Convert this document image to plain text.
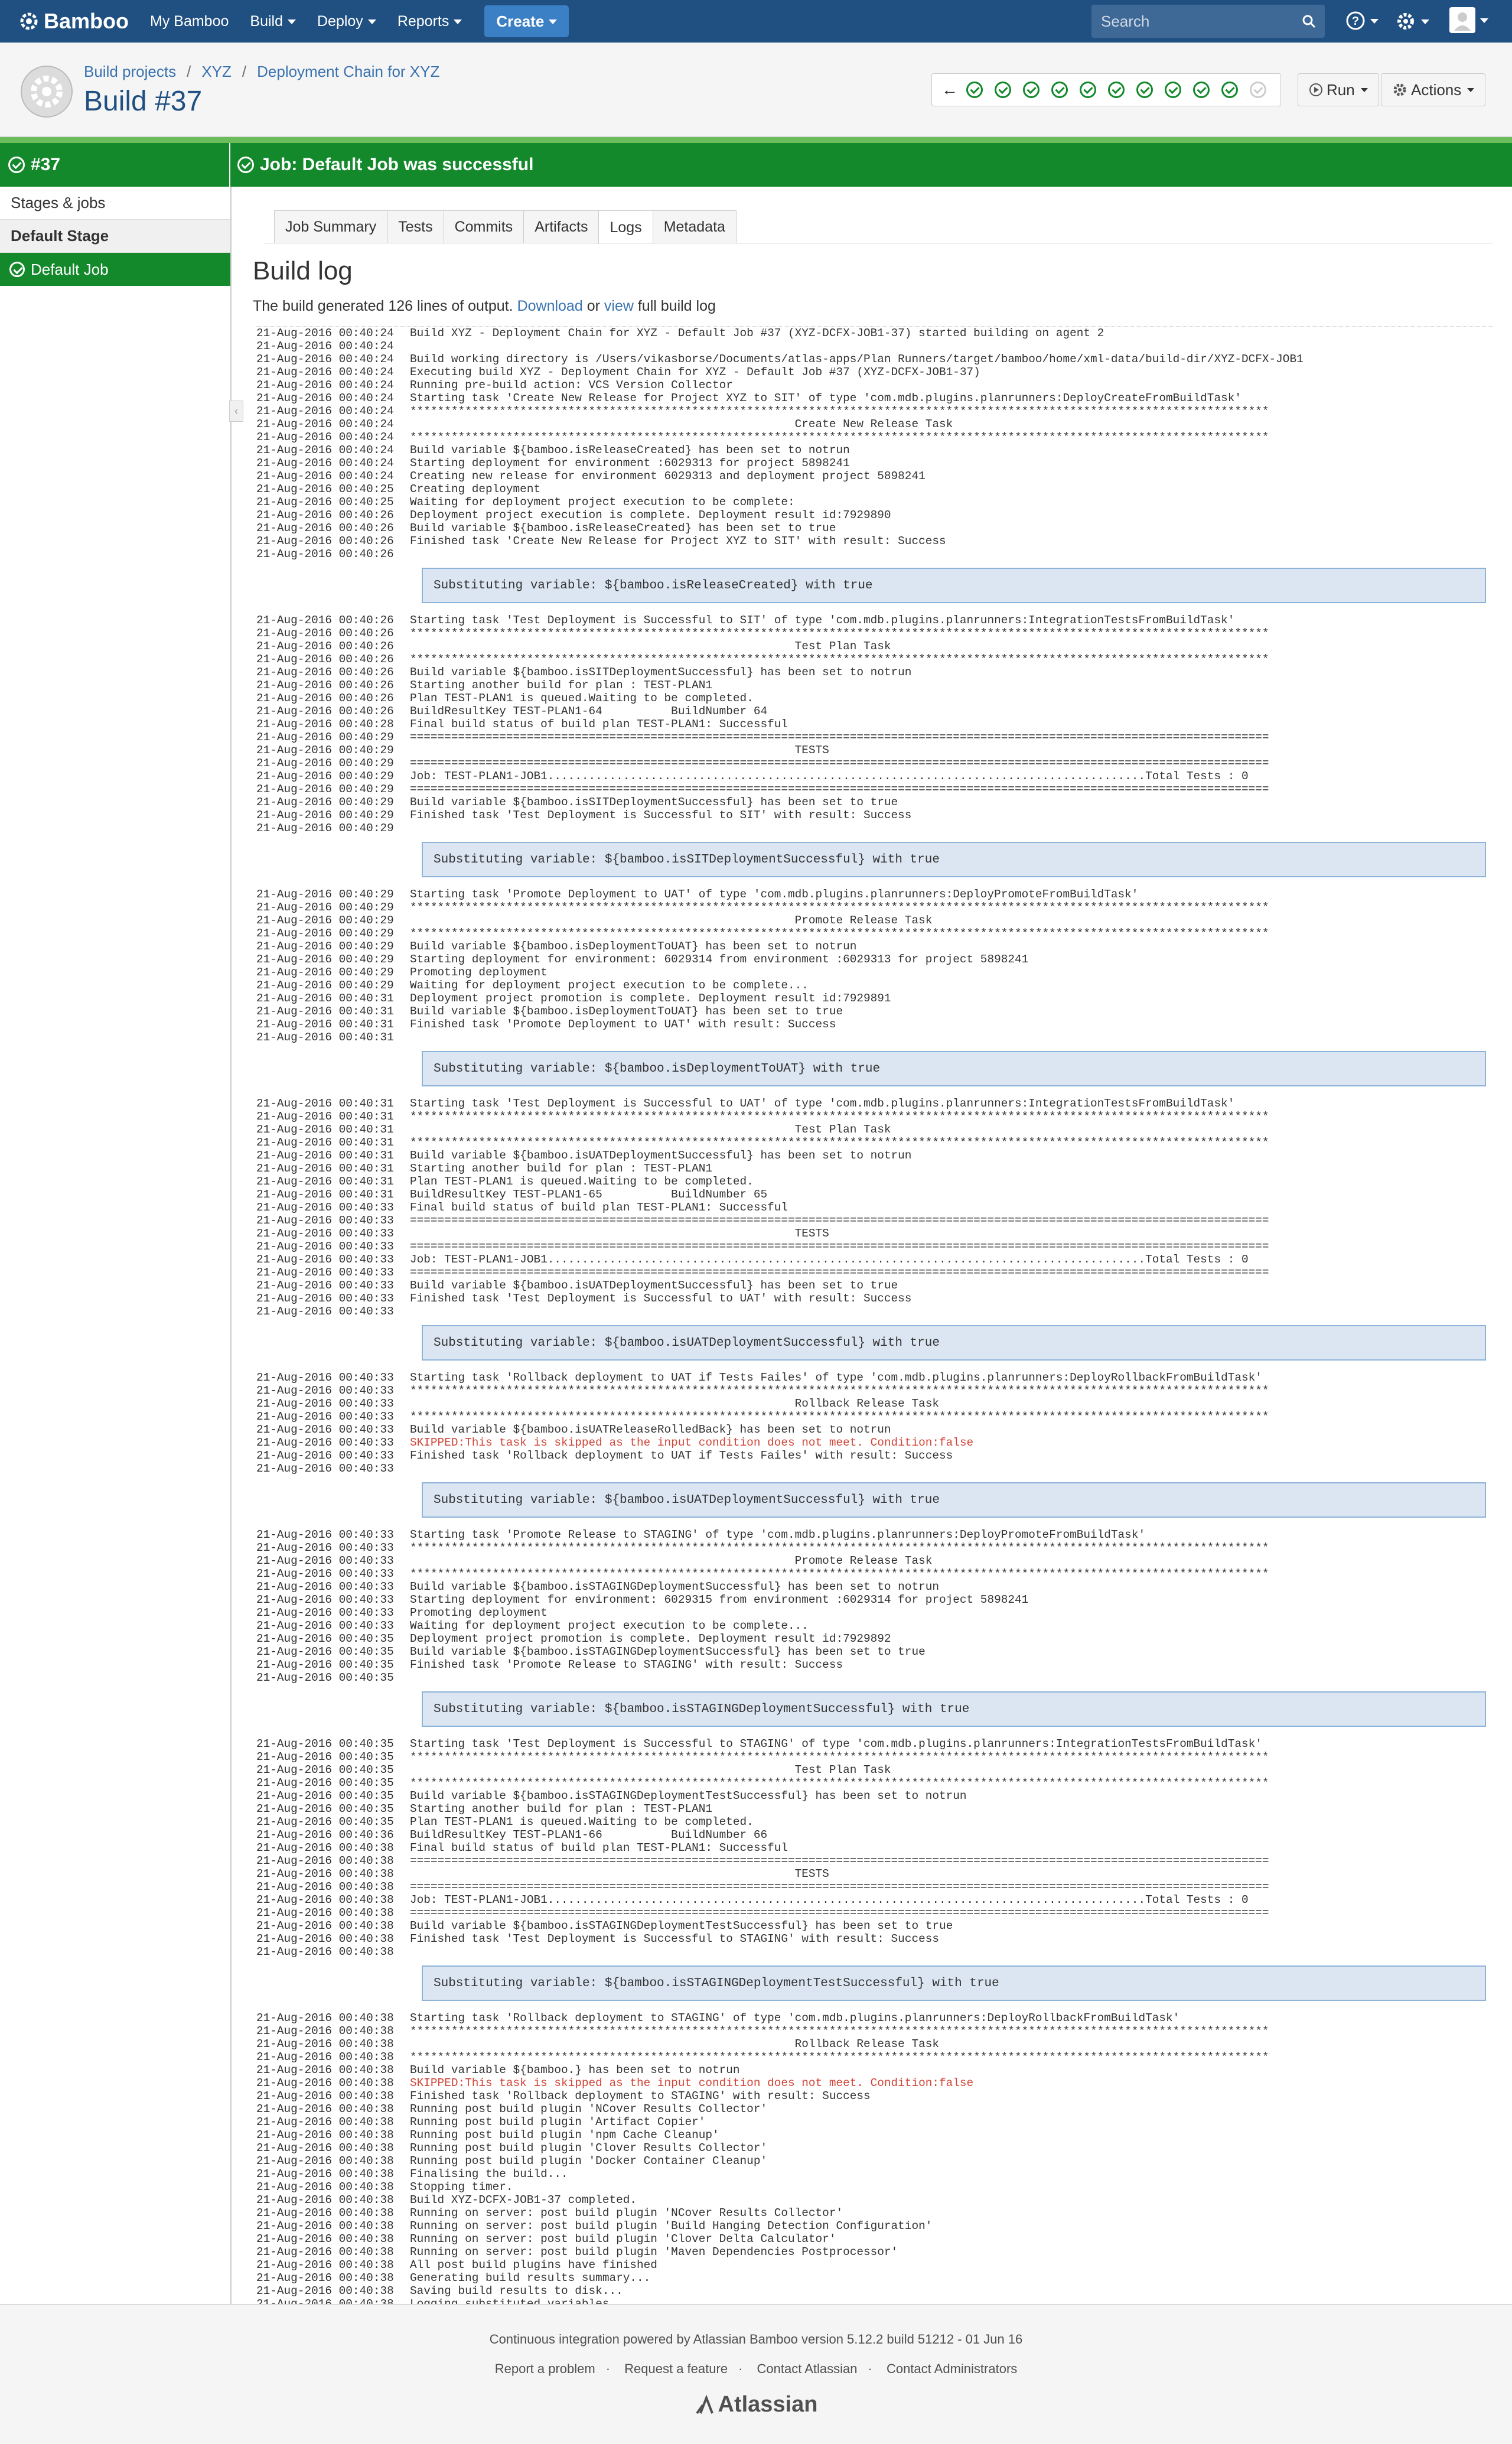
Bamboo My Bamboo Build Deploy Reports	Create	Search	?
Build projects / XYZ / Deployment Chain for XYZ
Build #37	←	Run	Actions
#37	Job: Default Job was successful
Stages & jobs
Default Stage
Default Job
‹
Job Summary	Tests	Commits	Artifacts	Logs	Metadata
Build log
The build generated 126 lines of output. Download or view full build log
21-Aug-2016 00:40:24	Build XYZ - Deployment Chain for XYZ - Default Job #37 (XYZ-DCFX-JOB1-37) started building on agent 2
21-Aug-2016 00:40:24
21-Aug-2016 00:40:24	Build working directory is /Users/vikasborse/Documents/atlas-apps/Plan Runners/target/bamboo/home/xml-data/build-dir/XYZ-DCFX-JOB1
21-Aug-2016 00:40:24	Executing build XYZ - Deployment Chain for XYZ - Default Job #37 (XYZ-DCFX-JOB1-37)
21-Aug-2016 00:40:24	Running pre-build action: VCS Version Collector
21-Aug-2016 00:40:24	Starting task 'Create New Release for Project XYZ to SIT' of type 'com.mdb.plugins.planrunners:DeployCreateFromBuildTask'
21-Aug-2016 00:40:24	*****************************************************************************************************************************
21-Aug-2016 00:40:24	Create New Release Task
21-Aug-2016 00:40:24	*****************************************************************************************************************************
21-Aug-2016 00:40:24	Build variable ${bamboo.isReleaseCreated} has been set to notrun
21-Aug-2016 00:40:24	Starting deployment for environment :6029313 for project 5898241
21-Aug-2016 00:40:24	Creating new release for environment 6029313 and deployment project 5898241
21-Aug-2016 00:40:25	Creating deployment
21-Aug-2016 00:40:25	Waiting for deployment project execution to be complete:
21-Aug-2016 00:40:26	Deployment project execution is complete. Deployment result id:7929890
21-Aug-2016 00:40:26	Build variable ${bamboo.isReleaseCreated} has been set to true
21-Aug-2016 00:40:26	Finished task 'Create New Release for Project XYZ to SIT' with result: Success
21-Aug-2016 00:40:26
Substituting variable: ${bamboo.isReleaseCreated} with true
21-Aug-2016 00:40:26	Starting task 'Test Deployment is Successful to SIT' of type 'com.mdb.plugins.planrunners:IntegrationTestsFromBuildTask'
21-Aug-2016 00:40:26	*****************************************************************************************************************************
21-Aug-2016 00:40:26	Test Plan Task
21-Aug-2016 00:40:26	*****************************************************************************************************************************
21-Aug-2016 00:40:26	Build variable ${bamboo.isSITDeploymentSuccessful} has been set to notrun
21-Aug-2016 00:40:26	Starting another build for plan : TEST-PLAN1
21-Aug-2016 00:40:26	Plan TEST-PLAN1 is queued.Waiting to be completed.
21-Aug-2016 00:40:26	BuildResultKey TEST-PLAN1-64          BuildNumber 64
21-Aug-2016 00:40:28	Final build status of build plan TEST-PLAN1: Successful
21-Aug-2016 00:40:29	=============================================================================================================================
21-Aug-2016 00:40:29	TESTS
21-Aug-2016 00:40:29	=============================================================================================================================
21-Aug-2016 00:40:29	Job: TEST-PLAN1-JOB1.......................................................................................Total Tests : 0
21-Aug-2016 00:40:29	=============================================================================================================================
21-Aug-2016 00:40:29	Build variable ${bamboo.isSITDeploymentSuccessful} has been set to true
21-Aug-2016 00:40:29	Finished task 'Test Deployment is Successful to SIT' with result: Success
21-Aug-2016 00:40:29
Substituting variable: ${bamboo.isSITDeploymentSuccessful} with true
21-Aug-2016 00:40:29	Starting task 'Promote Deployment to UAT' of type 'com.mdb.plugins.planrunners:DeployPromoteFromBuildTask'
21-Aug-2016 00:40:29	*****************************************************************************************************************************
21-Aug-2016 00:40:29	Promote Release Task
21-Aug-2016 00:40:29	*****************************************************************************************************************************
21-Aug-2016 00:40:29	Build variable ${bamboo.isDeploymentToUAT} has been set to notrun
21-Aug-2016 00:40:29	Starting deployment for environment: 6029314 from environment :6029313 for project 5898241
21-Aug-2016 00:40:29	Promoting deployment
21-Aug-2016 00:40:29	Waiting for deployment project execution to be complete...
21-Aug-2016 00:40:31	Deployment project promotion is complete. Deployment result id:7929891
21-Aug-2016 00:40:31	Build variable ${bamboo.isDeploymentToUAT} has been set to true
21-Aug-2016 00:40:31	Finished task 'Promote Deployment to UAT' with result: Success
21-Aug-2016 00:40:31
Substituting variable: ${bamboo.isDeploymentToUAT} with true
21-Aug-2016 00:40:31	Starting task 'Test Deployment is Successful to UAT' of type 'com.mdb.plugins.planrunners:IntegrationTestsFromBuildTask'
21-Aug-2016 00:40:31	*****************************************************************************************************************************
21-Aug-2016 00:40:31	Test Plan Task
21-Aug-2016 00:40:31	*****************************************************************************************************************************
21-Aug-2016 00:40:31	Build variable ${bamboo.isUATDeploymentSuccessful} has been set to notrun
21-Aug-2016 00:40:31	Starting another build for plan : TEST-PLAN1
21-Aug-2016 00:40:31	Plan TEST-PLAN1 is queued.Waiting to be completed.
21-Aug-2016 00:40:31	BuildResultKey TEST-PLAN1-65          BuildNumber 65
21-Aug-2016 00:40:33	Final build status of build plan TEST-PLAN1: Successful
21-Aug-2016 00:40:33	=============================================================================================================================
21-Aug-2016 00:40:33	TESTS
21-Aug-2016 00:40:33	=============================================================================================================================
21-Aug-2016 00:40:33	Job: TEST-PLAN1-JOB1.......................................................................................Total Tests : 0
21-Aug-2016 00:40:33	=============================================================================================================================
21-Aug-2016 00:40:33	Build variable ${bamboo.isUATDeploymentSuccessful} has been set to true
21-Aug-2016 00:40:33	Finished task 'Test Deployment is Successful to UAT' with result: Success
21-Aug-2016 00:40:33
Substituting variable: ${bamboo.isUATDeploymentSuccessful} with true
21-Aug-2016 00:40:33	Starting task 'Rollback deployment to UAT if Tests Failes' of type 'com.mdb.plugins.planrunners:DeployRollbackFromBuildTask'
21-Aug-2016 00:40:33	*****************************************************************************************************************************
21-Aug-2016 00:40:33	Rollback Release Task
21-Aug-2016 00:40:33	*****************************************************************************************************************************
21-Aug-2016 00:40:33	Build variable ${bamboo.isUATReleaseRolledBack} has been set to notrun
21-Aug-2016 00:40:33	SKIPPED:This task is skipped as the input condition does not meet. Condition:false
21-Aug-2016 00:40:33	Finished task 'Rollback deployment to UAT if Tests Failes' with result: Success
21-Aug-2016 00:40:33
Substituting variable: ${bamboo.isUATDeploymentSuccessful} with true
21-Aug-2016 00:40:33	Starting task 'Promote Release to STAGING' of type 'com.mdb.plugins.planrunners:DeployPromoteFromBuildTask'
21-Aug-2016 00:40:33	*****************************************************************************************************************************
21-Aug-2016 00:40:33	Promote Release Task
21-Aug-2016 00:40:33	*****************************************************************************************************************************
21-Aug-2016 00:40:33	Build variable ${bamboo.isSTAGINGDeploymentSuccessful} has been set to notrun
21-Aug-2016 00:40:33	Starting deployment for environment: 6029315 from environment :6029314 for project 5898241
21-Aug-2016 00:40:33	Promoting deployment
21-Aug-2016 00:40:33	Waiting for deployment project execution to be complete...
21-Aug-2016 00:40:35	Deployment project promotion is complete. Deployment result id:7929892
21-Aug-2016 00:40:35	Build variable ${bamboo.isSTAGINGDeploymentSuccessful} has been set to true
21-Aug-2016 00:40:35	Finished task 'Promote Release to STAGING' with result: Success
21-Aug-2016 00:40:35
Substituting variable: ${bamboo.isSTAGINGDeploymentSuccessful} with true
21-Aug-2016 00:40:35	Starting task 'Test Deployment is Successful to STAGING' of type 'com.mdb.plugins.planrunners:IntegrationTestsFromBuildTask'
21-Aug-2016 00:40:35	*****************************************************************************************************************************
21-Aug-2016 00:40:35	Test Plan Task
21-Aug-2016 00:40:35	*****************************************************************************************************************************
21-Aug-2016 00:40:35	Build variable ${bamboo.isSTAGINGDeploymentTestSuccessful} has been set to notrun
21-Aug-2016 00:40:35	Starting another build for plan : TEST-PLAN1
21-Aug-2016 00:40:35	Plan TEST-PLAN1 is queued.Waiting to be completed.
21-Aug-2016 00:40:36	BuildResultKey TEST-PLAN1-66          BuildNumber 66
21-Aug-2016 00:40:38	Final build status of build plan TEST-PLAN1: Successful
21-Aug-2016 00:40:38	=============================================================================================================================
21-Aug-2016 00:40:38	TESTS
21-Aug-2016 00:40:38	=============================================================================================================================
21-Aug-2016 00:40:38	Job: TEST-PLAN1-JOB1.......................................................................................Total Tests : 0
21-Aug-2016 00:40:38	=============================================================================================================================
21-Aug-2016 00:40:38	Build variable ${bamboo.isSTAGINGDeploymentTestSuccessful} has been set to true
21-Aug-2016 00:40:38	Finished task 'Test Deployment is Successful to STAGING' with result: Success
21-Aug-2016 00:40:38
Substituting variable: ${bamboo.isSTAGINGDeploymentTestSuccessful} with true
21-Aug-2016 00:40:38	Starting task 'Rollback deployment to STAGING' of type 'com.mdb.plugins.planrunners:DeployRollbackFromBuildTask'
21-Aug-2016 00:40:38	*****************************************************************************************************************************
21-Aug-2016 00:40:38	Rollback Release Task
21-Aug-2016 00:40:38	*****************************************************************************************************************************
21-Aug-2016 00:40:38	Build variable ${bamboo.} has been set to notrun
21-Aug-2016 00:40:38	SKIPPED:This task is skipped as the input condition does not meet. Condition:false
21-Aug-2016 00:40:38	Finished task 'Rollback deployment to STAGING' with result: Success
21-Aug-2016 00:40:38	Running post build plugin 'NCover Results Collector'
21-Aug-2016 00:40:38	Running post build plugin 'Artifact Copier'
21-Aug-2016 00:40:38	Running post build plugin 'npm Cache Cleanup'
21-Aug-2016 00:40:38	Running post build plugin 'Clover Results Collector'
21-Aug-2016 00:40:38	Running post build plugin 'Docker Container Cleanup'
21-Aug-2016 00:40:38	Finalising the build...
21-Aug-2016 00:40:38	Stopping timer.
21-Aug-2016 00:40:38	Build XYZ-DCFX-JOB1-37 completed.
21-Aug-2016 00:40:38	Running on server: post build plugin 'NCover Results Collector'
21-Aug-2016 00:40:38	Running on server: post build plugin 'Build Hanging Detection Configuration'
21-Aug-2016 00:40:38	Running on server: post build plugin 'Clover Delta Calculator'
21-Aug-2016 00:40:38	Running on server: post build plugin 'Maven Dependencies Postprocessor'
21-Aug-2016 00:40:38	All post build plugins have finished
21-Aug-2016 00:40:38	Generating build results summary...
21-Aug-2016 00:40:38	Saving build results to disk...
Continuous integration powered by Atlassian Bamboo version 5.12.2 build 51212 - 01 Jun 16
Report a problem · Request a feature · Contact Atlassian · Contact Administrators
Atlassian
